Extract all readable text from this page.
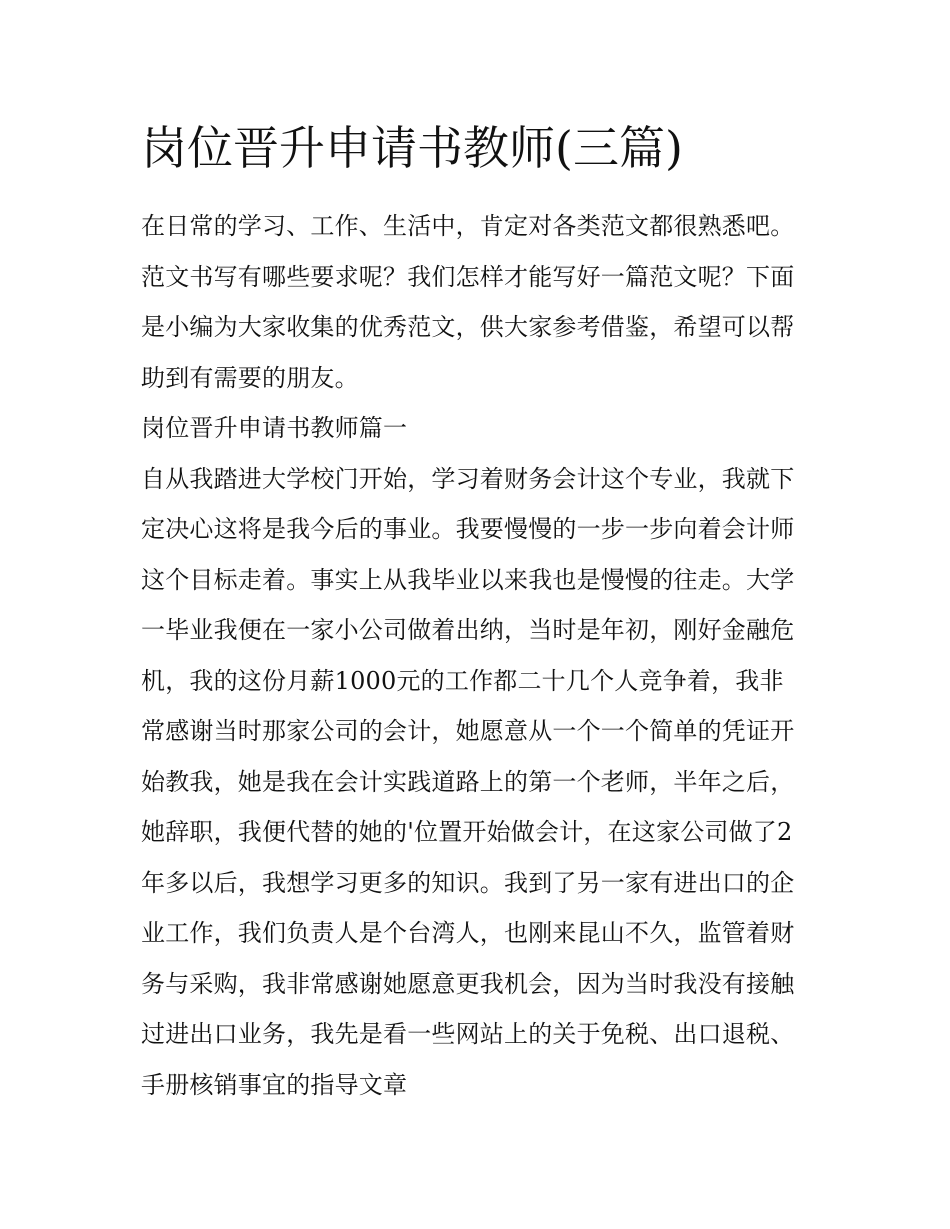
岗位晋升申请书教师(三篇)
在日常的学习、工作、生活中，肯定对各类范文都很熟悉吧。
范文书写有哪些要求呢？我们怎样才能写好一篇范文呢？下面
是小编为大家收集的优秀范文，供大家参考借鉴，希望可以帮
助到有需要的朋友。
岗位晋升申请书教师篇一
自从我踏进大学校门开始，学习着财务会计这个专业，我就下
定决心这将是我今后的事业。我要慢慢的一步一步向着会计师
这个目标走着。事实上从我毕业以来我也是慢慢的往走。大学
一毕业我便在一家小公司做着出纳，当时是年初，刚好金融危
机，我的这份月薪1000元的工作都二十几个人竞争着，我非
常感谢当时那家公司的会计，她愿意从一个一个简单的凭证开
始教我，她是我在会计实践道路上的第一个老师，半年之后，
她辞职，我便代替的她的'位置开始做会计，在这家公司做了2
年多以后，我想学习更多的知识。我到了另一家有进出口的企
业工作，我们负责人是个台湾人，也刚来昆山不久，监管着财
务与采购，我非常感谢她愿意更我机会，因为当时我没有接触
过进出口业务，我先是看一些网站上的关于免税、出口退税、
手册核销事宜的指导文章
